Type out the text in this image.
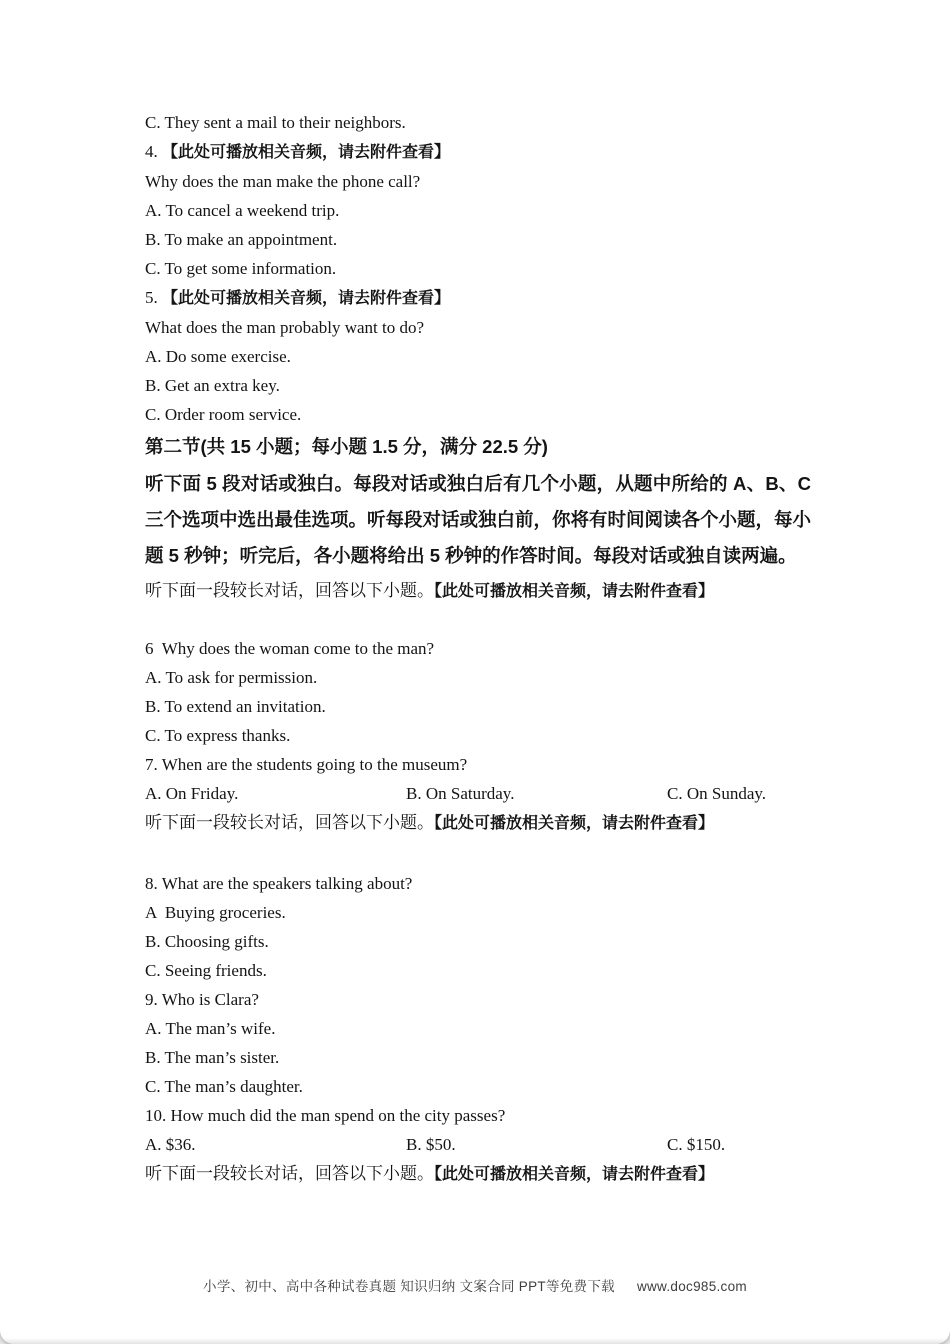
C. They sent a mail to their neighbors.
4. 【此处可播放相关音频，请去附件查看】
Why does the man make the phone call?
A. To cancel a weekend trip.
B. To make an appointment.
C. To get some information.
5. 【此处可播放相关音频，请去附件查看】
What does the man probably want to do?
A. Do some exercise.
B. Get an extra key.
C. Order room service.
第二节(共 15 小题；每小题 1.5 分，满分 22.5 分)
听下面 5 段对话或独白。每段对话或独白后有几个小题，从题中所给的 A、B、C 三个选项中选出最佳选项。听每段对话或独白前，你将有时间阅读各个小题，每小题 5 秒钟；听完后，各小题将给出 5 秒钟的作答时间。每段对话或独自读两遍。
听下面一段较长对话，回答以下小题。【此处可播放相关音频，请去附件查看】
6  Why does the woman come to the man?
A. To ask for permission.
B. To extend an invitation.
C. To express thanks.
7. When are the students going to the museum?
A. On Friday.	B. On Saturday.	C. On Sunday.
听下面一段较长对话，回答以下小题。【此处可播放相关音频，请去附件查看】
8. What are the speakers talking about?
A  Buying groceries.
B. Choosing gifts.
C. Seeing friends.
9. Who is Clara?
A. The man’s wife.
B. The man’s sister.
C. The man’s daughter.
10. How much did the man spend on the city passes?
A. $36.	B. $50.	C. $150.
听下面一段较长对话，回答以下小题。【此处可播放相关音频，请去附件查看】
小学、初中、高中各种试卷真题 知识归纳 文案合同 PPT等免费下载 www.doc985.com
